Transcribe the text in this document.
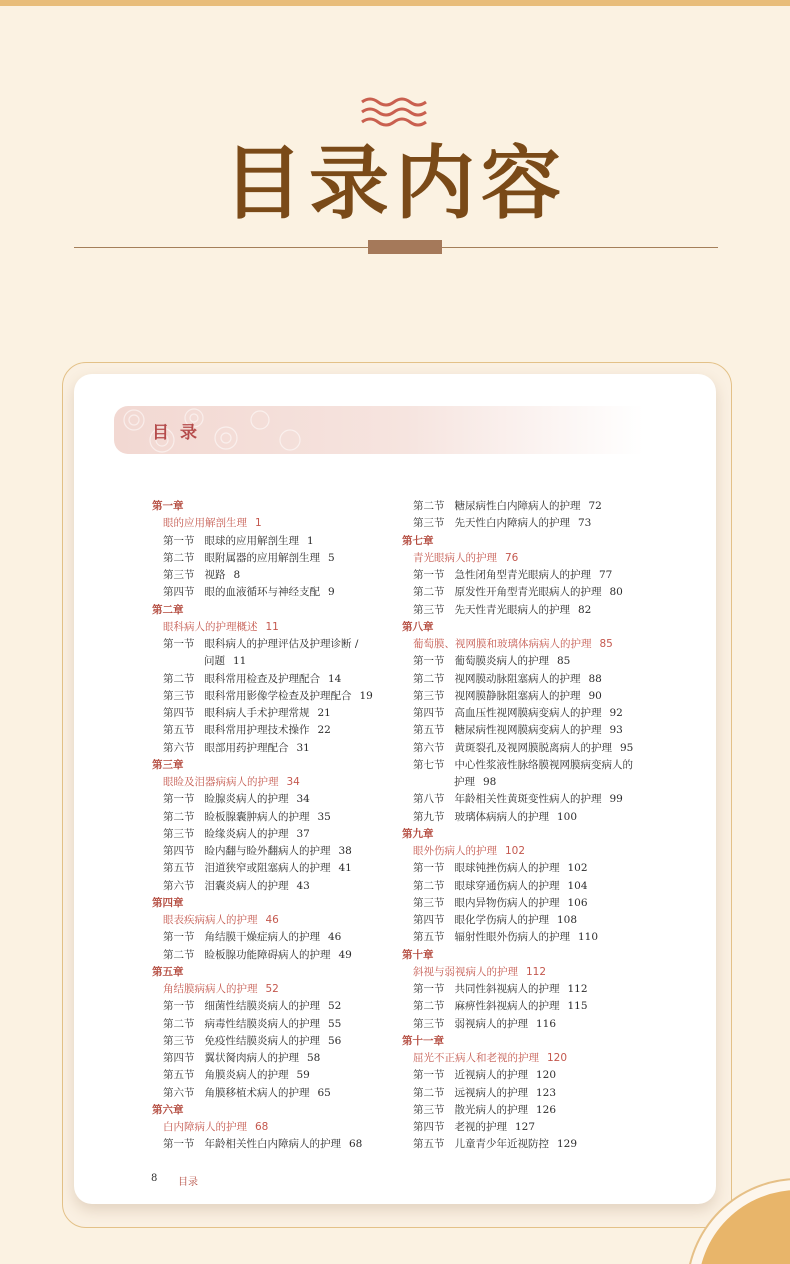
目录内容
目录
第一章
眼的应用解剖生理 1
第一节 眼球的应用解剖生理 1
第二节 眼附属器的应用解剖生理 5
第三节 视路 8
第四节 眼的血液循环与神经支配 9
第二章
眼科病人的护理概述 11
第一节 眼科病人的护理评估及护理诊断 /
问题 11
第二节 眼科常用检查及护理配合 14
第三节 眼科常用影像学检查及护理配合 19
第四节 眼科病人手术护理常规 21
第五节 眼科常用护理技术操作 22
第六节 眼部用药护理配合 31
第三章
眼睑及泪器病病人的护理 34
第一节 睑腺炎病人的护理 34
第二节 睑板腺囊肿病人的护理 35
第三节 睑缘炎病人的护理 37
第四节 睑内翻与睑外翻病人的护理 38
第五节 泪道狭窄或阻塞病人的护理 41
第六节 泪囊炎病人的护理 43
第四章
眼表疾病病人的护理 46
第一节 角结膜干燥症病人的护理 46
第二节 睑板腺功能障碍病人的护理 49
第五章
角结膜病病人的护理 52
第一节 细菌性结膜炎病人的护理 52
第二节 病毒性结膜炎病人的护理 55
第三节 免疫性结膜炎病人的护理 56
第四节 翼状胬肉病人的护理 58
第五节 角膜炎病人的护理 59
第六节 角膜移植术病人的护理 65
第六章
白内障病人的护理 68
第一节 年龄相关性白内障病人的护理 68
第二节 糖尿病性白内障病人的护理 72
第三节 先天性白内障病人的护理 73
第七章
青光眼病人的护理 76
第一节 急性闭角型青光眼病人的护理 77
第二节 原发性开角型青光眼病人的护理 80
第三节 先天性青光眼病人的护理 82
第八章
葡萄膜、视网膜和玻璃体病病人的护理 85
第一节 葡萄膜炎病人的护理 85
第二节 视网膜动脉阻塞病人的护理 88
第三节 视网膜静脉阻塞病人的护理 90
第四节 高血压性视网膜病变病人的护理 92
第五节 糖尿病性视网膜病变病人的护理 93
第六节 黄斑裂孔及视网膜脱离病人的护理 95
第七节 中心性浆液性脉络膜视网膜病变病人的
护理 98
第八节 年龄相关性黄斑变性病人的护理 99
第九节 玻璃体病病人的护理 100
第九章
眼外伤病人的护理 102
第一节 眼球钝挫伤病人的护理 102
第二节 眼球穿通伤病人的护理 104
第三节 眼内异物伤病人的护理 106
第四节 眼化学伤病人的护理 108
第五节 辐射性眼外伤病人的护理 110
第十章
斜视与弱视病人的护理 112
第一节 共同性斜视病人的护理 112
第二节 麻痹性斜视病人的护理 115
第三节 弱视病人的护理 116
第十一章
屈光不正病人和老视的护理 120
第一节 近视病人的护理 120
第二节 远视病人的护理 123
第三节 散光病人的护理 126
第四节 老视的护理 127
第五节 儿童青少年近视防控 129
8 目录
